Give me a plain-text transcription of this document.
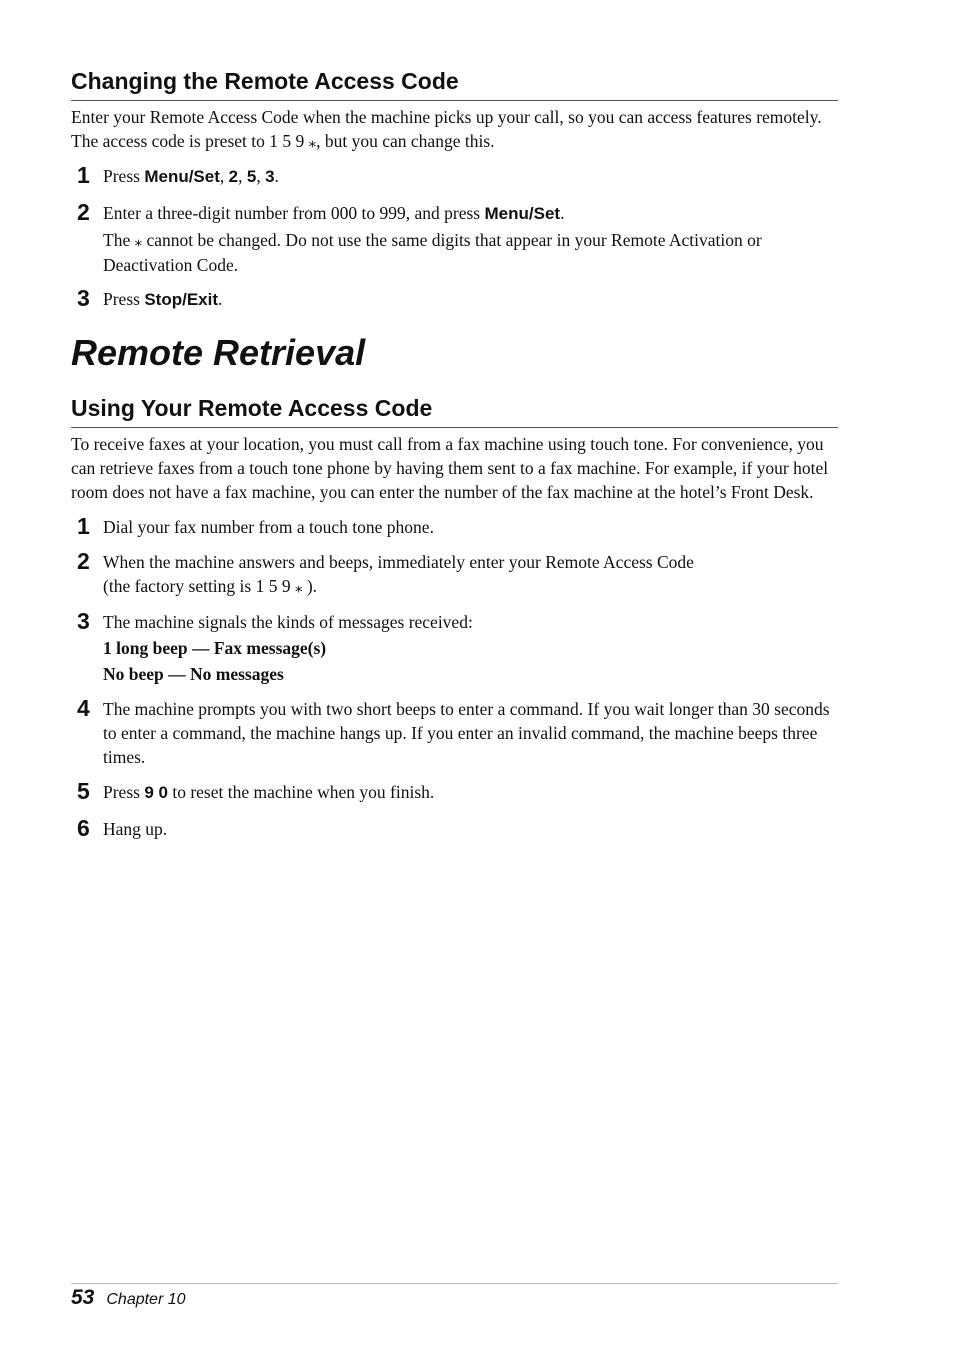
Changing the Remote Access Code

Enter your Remote Access Code when the machine picks up your call, so you can access features remotely. The access code is preset to 1 5 9 ⁎, but you can change this.

1 Press Menu/Set, 2, 5, 3.
2 Enter a three-digit number from 000 to 999, and press Menu/Set.
The ⁎ cannot be changed. Do not use the same digits that appear in your Remote Activation or Deactivation Code.
3 Press Stop/Exit.
Remote Retrieval
Using Your Remote Access Code

To receive faxes at your location, you must call from a fax machine using touch tone. For convenience, you can retrieve faxes from a touch tone phone by having them sent to a fax machine. For example, if your hotel room does not have a fax machine, you can enter the number of the fax machine at the hotel’s Front Desk.

1 Dial your fax number from a touch tone phone.
2 When the machine answers and beeps, immediately enter your Remote Access Code
(the factory setting is 1 5 9 ⁎ ).
3 The machine signals the kinds of messages received:
1 long beep — Fax message(s)
No beep — No messages
4 The machine prompts you with two short beeps to enter a command. If you wait longer than 30 seconds to enter a command, the machine hangs up. If you enter an invalid command, the machine beeps three times.
5 Press 9 0 to reset the machine when you finish.
6 Hang up.
53 Chapter 10
